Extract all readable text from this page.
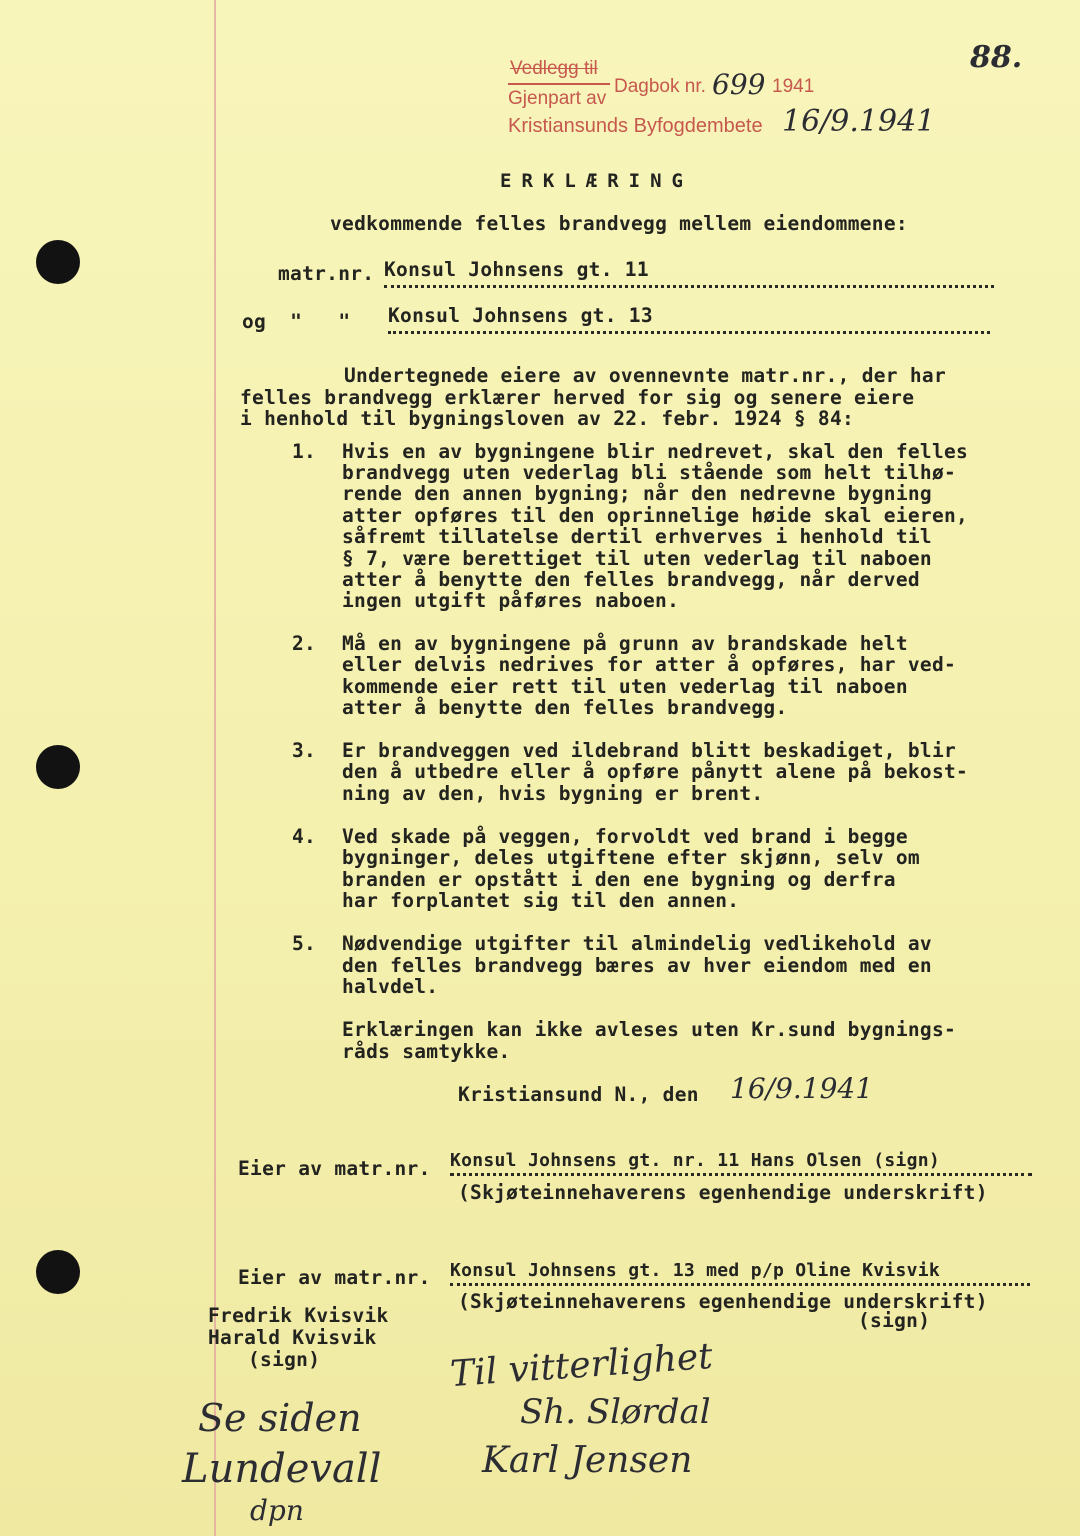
Vedlegg til
Gjenpart av
Dagbok nr. 699 1941
Kristiansunds Byfogdembete 16/9.1941
88.
ERKLÆRING
vedkommende felles brandvegg mellem eiendommene:
matr.nr. Konsul Johnsens gt. 11
og  "   " Konsul Johnsens gt. 13
Undertegnede eiere av ovennevnte matr.nr., der har
felles brandvegg erklærer herved for sig og senere eiere
i henhold til bygningsloven av 22. febr. 1924 § 84:
1. Hvis en av bygningene blir nedrevet, skal den felles
brandvegg uten vederlag bli stående som helt tilhø-
rende den annen bygning; når den nedrevne bygning
atter opføres til den oprinnelige høide skal eieren,
såfremt tillatelse dertil erhverves i henhold til
§ 7, være berettiget til uten vederlag til naboen
atter å benytte den felles brandvegg, når derved
ingen utgift påføres naboen.
2. Må en av bygningene på grunn av brandskade helt
eller delvis nedrives for atter å opføres, har ved-
kommende eier rett til uten vederlag til naboen
atter å benytte den felles brandvegg.
3. Er brandveggen ved ildebrand blitt beskadiget, blir
den å utbedre eller å opføre pånytt alene på bekost-
ning av den, hvis bygning er brent.
4. Ved skade på veggen, forvoldt ved brand i begge
bygninger, deles utgiftene efter skjønn, selv om
branden er opstått i den ene bygning og derfra
har forplantet sig til den annen.
5. Nødvendige utgifter til almindelig vedlikehold av
den felles brandvegg bæres av hver eiendom med en
halvdel.
Erklæringen kan ikke avleses uten Kr.sund bygnings-
råds samtykke.
Kristiansund N., den 16/9.1941
Eier av matr.nr. Konsul Johnsens gt. nr. 11 Hans Olsen (sign)
(Skjøteinnehaverens egenhendige underskrift)
Eier av matr.nr. Konsul Johnsens gt. 13 med p/p Oline Kvisvik
(Skjøteinnehaverens egenhendige underskrift)
(sign)
Fredrik Kvisvik
Harald Kvisvik
(sign)	Til vitterlighet
Sh. Slørdal
Karl Jensen
Se siden
Lundevall
dpn
